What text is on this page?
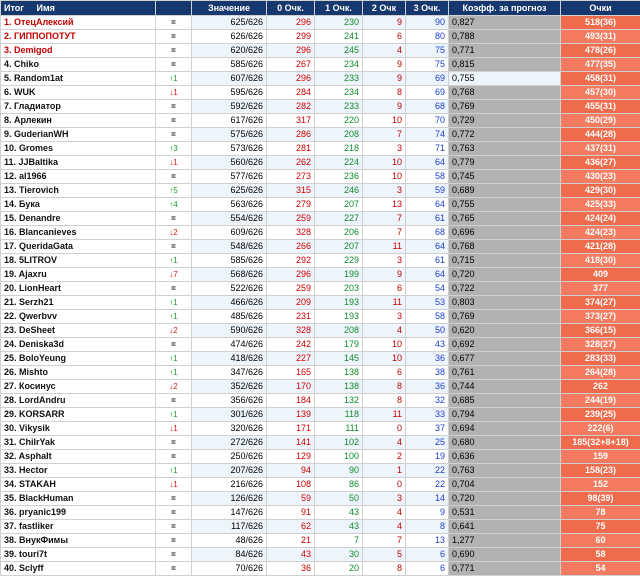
Итог Имя		Значение	0 Очк.	1 Очк.	2 Очк	3 Очк.	Коэфф. за прогноз	Очки
1. ОтецАлексий	=	625/626	296	230	9	90	0,827	518(36)
2. ГИППОПОТУТ	=	626/626	299	241	6	80	0,788	493(31)
3. Demigod	=	620/626	296	245	4	75	0,771	478(26)
4. Chiko	=	585/626	267	234	9	75	0,815	477(35)
5. Random1at	↑1	607/626	296	233	9	69	0,755	458(31)
6. WUK	↓1	595/626	284	234	8	69	0,768	457(30)
7. Гладиатор	=	592/626	282	233	9	68	0,769	455(31)
8. Арлекин	=	617/626	317	220	10	70	0,729	450(29)
9. GuderianWH	=	575/626	286	208	7	74	0,772	444(28)
10. Gromes	↑3	573/626	281	218	3	71	0,763	437(31)
11. JJBaltika	↓1	560/626	262	224	10	64	0,779	436(27)
12. al1966	=	577/626	273	236	10	58	0,745	430(23)
13. Tierovich	↑5	625/626	315	246	3	59	0,689	429(30)
14. Бука	↑4	563/626	279	207	13	64	0,755	425(33)
15. Denandre	=	554/626	259	227	7	61	0,765	424(24)
16. Blancanieves	↓2	609/626	328	206	7	68	0,696	424(23)
17. QueridaGata	=	548/626	266	207	11	64	0,768	421(28)
18. 5LITROV	↑1	585/626	292	229	3	61	0,715	418(30)
19. Ajaxru	↓7	568/626	296	199	9	64	0,720	409
20. LionHeart	=	522/626	259	203	6	54	0,722	377
21. Serzh21	↑1	466/626	209	193	11	53	0,803	374(27)
22. Qwerbvv	↑1	485/626	231	193	3	58	0,769	373(27)
23. DeSheet	↓2	590/626	328	208	4	50	0,620	366(15)
24. Deniska3d	=	474/626	242	179	10	43	0,692	328(27)
25. BoloYeung	↑1	418/626	227	145	10	36	0,677	283(33)
26. Mishto	↑1	347/626	165	138	6	38	0,761	264(28)
27. Косинус	↓2	352/626	170	138	8	36	0,744	262
28. LordAndru	=	356/626	184	132	8	32	0,685	244(19)
29. KORSARR	↑1	301/626	139	118	11	33	0,794	239(25)
30. Vikysik	↓1	320/626	171	111	0	37	0,694	222(6)
31. ChilrYak	=	272/626	141	102	4	25	0,680	185(32+8+18)
32. Asphalt	=	250/626	129	100	2	19	0,636	159
33. Hector	↑1	207/626	94	90	1	22	0,763	158(23)
34. STAKAH	↓1	216/626	108	86	0	22	0,704	152
35. BlackHuman	=	126/626	59	50	3	14	0,720	98(39)
36. pryanic199	=	147/626	91	43	4	9	0,531	78
37. fastliker	=	117/626	62	43	4	8	0,641	75
38. ВнукФимы	=	48/626	21	7	7	13	1,277	60
39. touri7t	=	84/626	43	30	5	6	0,690	58
40. Sclyff	=	70/626	36	20	8	6	0,771	54
